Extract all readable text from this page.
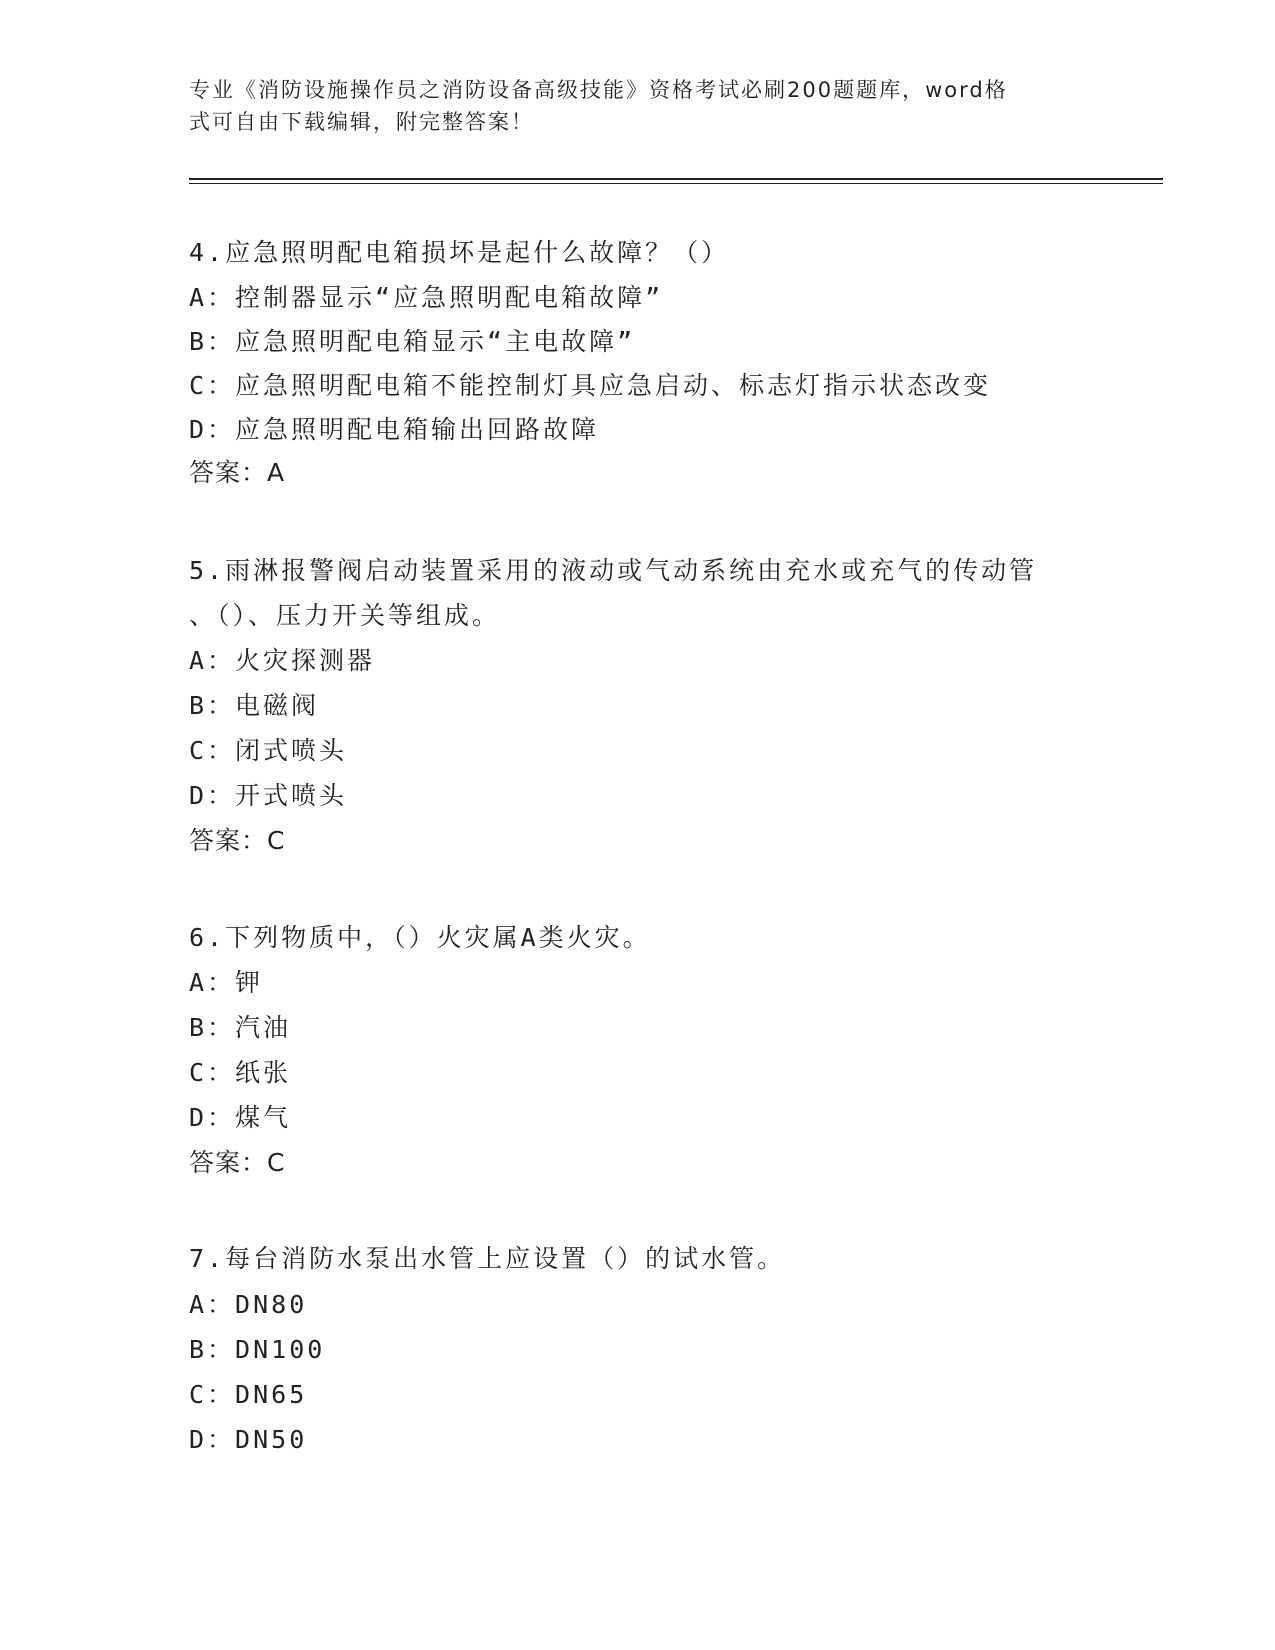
专业《消防设施操作员之消防设备高级技能》资格考试必刷200题题库，word格
式可自由下载编辑，附完整答案！
4.应急照明配电箱损坏是起什么故障？（）
A：控制器显示“应急照明配电箱故障”
B：应急照明配电箱显示“主电故障”
C：应急照明配电箱不能控制灯具应急启动、标志灯指示状态改变
D：应急照明配电箱输出回路故障
答案：A
5.雨淋报警阀启动装置采用的液动或气动系统由充水或充气的传动管
、（）、压力开关等组成。
A：火灾探测器
B：电磁阀
C：闭式喷头
D：开式喷头
答案：C
6.下列物质中，（）火灾属A类火灾。
A：钾
B：汽油
C：纸张
D：煤气
答案：C
7.每台消防水泵出水管上应设置（）的试水管。
A：DN80
B：DN100
C：DN65
D：DN50
